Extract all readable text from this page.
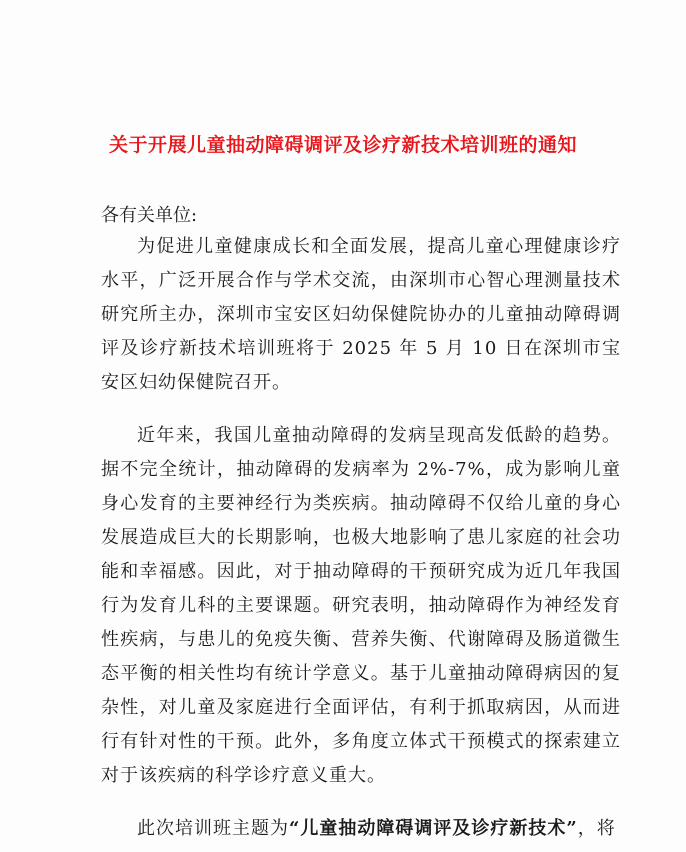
关于开展儿童抽动障碍调评及诊疗新技术培训班的通知
各有关单位:

为促进儿童健康成长和全面发展，提高儿童心理健康诊疗水平，广泛开展合作与学术交流，由深圳市心智心理测量技术研究所主办，深圳市宝安区妇幼保健院协办的儿童抽动障碍调评及诊疗新技术培训班将于 2025 年 5 月 10 日在深圳市宝安区妇幼保健院召开。

近年来，我国儿童抽动障碍的发病呈现高发低龄的趋势。据不完全统计，抽动障碍的发病率为 2%-7%，成为影响儿童身心发育的主要神经行为类疾病。抽动障碍不仅给儿童的身心发展造成巨大的长期影响，也极大地影响了患儿家庭的社会功能和幸福感。因此，对于抽动障碍的干预研究成为近几年我国行为发育儿科的主要课题。研究表明，抽动障碍作为神经发育性疾病，与患儿的免疫失衡、营养失衡、代谢障碍及肠道微生态平衡的相关性均有统计学意义。基于儿童抽动障碍病因的复杂性，对儿童及家庭进行全面评估，有利于抓取病因，从而进行有针对性的干预。此外，多角度立体式干预模式的探索建立对于该疾病的科学诊疗意义重大。

此次培训班主题为“儿童抽动障碍调评及诊疗新技术”，将
